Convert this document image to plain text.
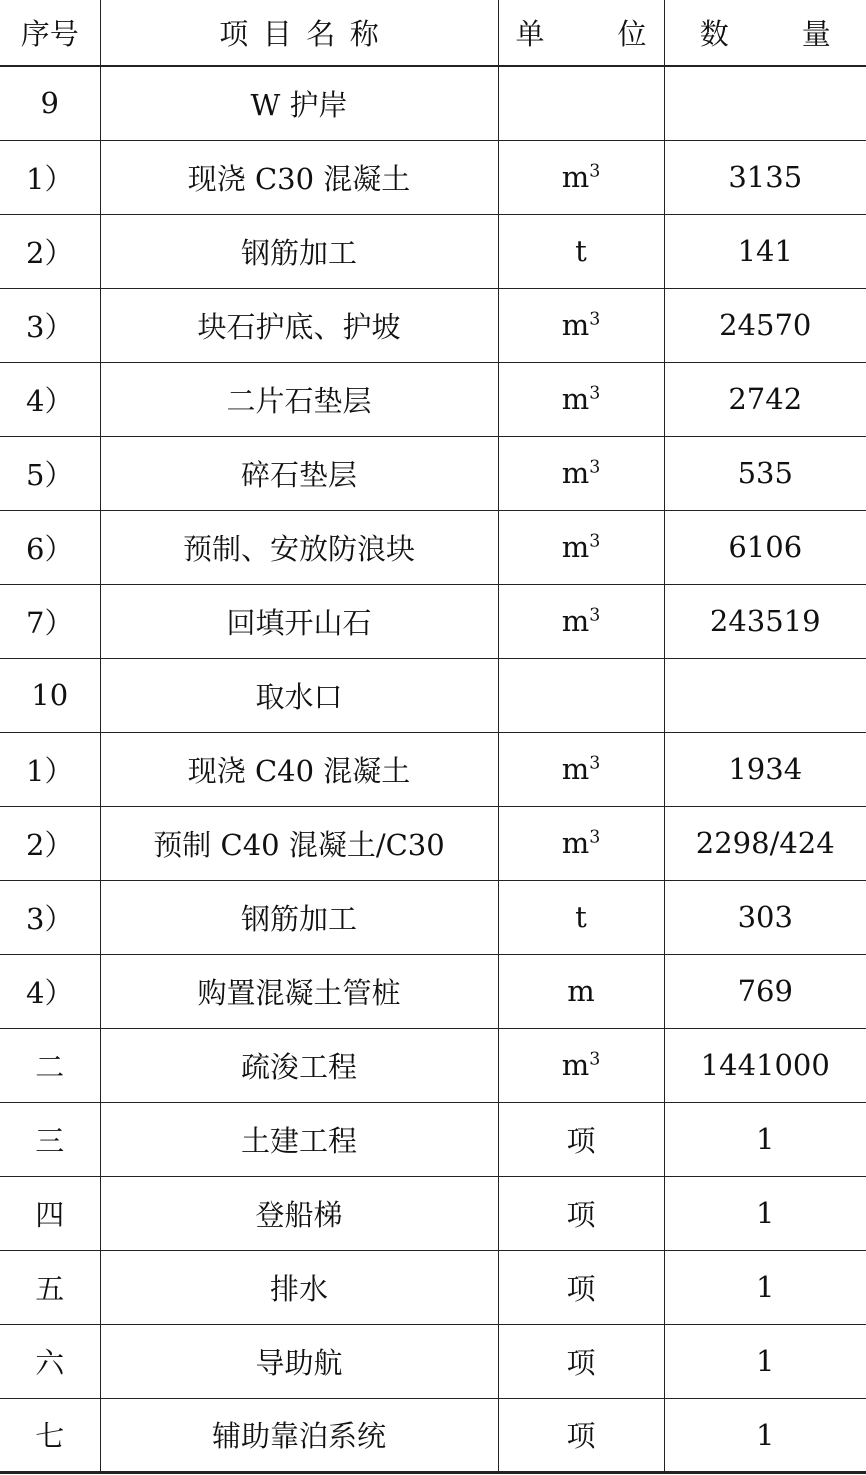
序号	项目名称	单 位	数 量
9	W 护岸		
1）	现浇 C30 混凝土	$m^3$	3135
2）	钢筋加工	t	141
3）	块石护底、护坡	$m^3$	24570
4）	二片石垫层	$m^3$	2742
5）	碎石垫层	$m^3$	535
6）	预制、安放防浪块	$m^3$	6106
7）	回填开山石	$m^3$	243519
10	取水口		
1）	现浇 C40 混凝土	$m^3$	1934
2）	预制 C40 混凝土/C30	$m^3$	2298/424
3）	钢筋加工	t	303
4）	购置混凝土管桩	m	769
二	疏浚工程	$m^3$	1441000
三	土建工程	项	1
四	登船梯	项	1
五	排水	项	1
六	导助航	项	1
七	辅助靠泊系统	项	1
